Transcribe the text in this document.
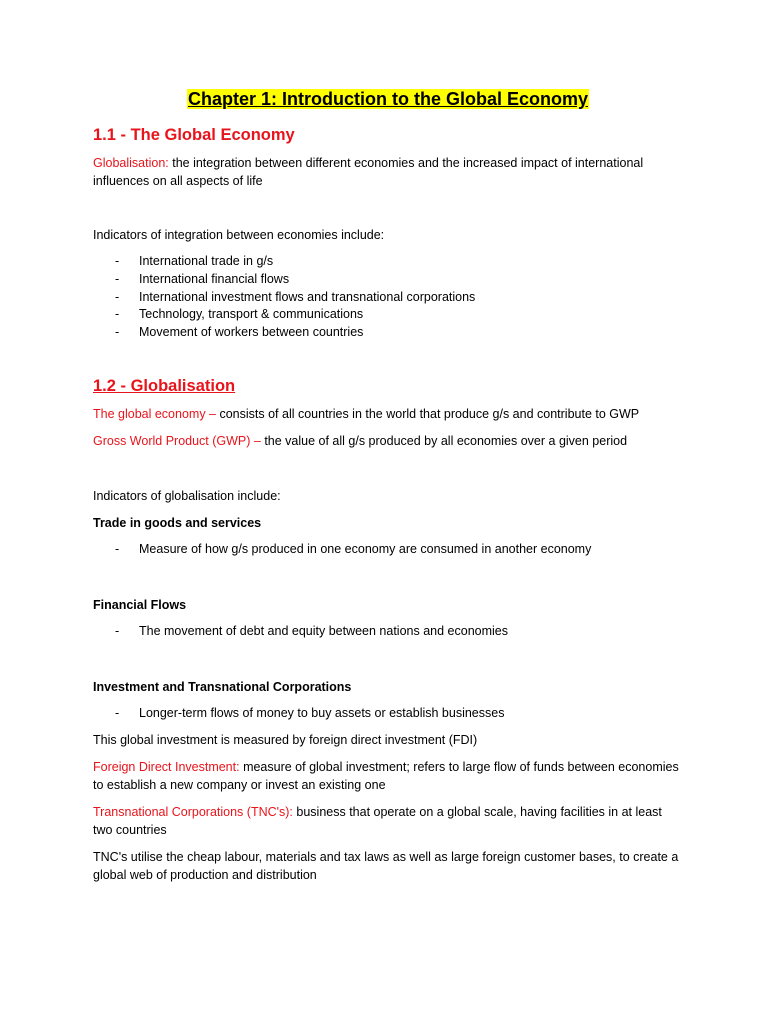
Chapter 1: Introduction to the Global Economy
1.1 - The Global Economy

Globalisation: the integration between different economies and the increased impact of international influences on all aspects of life

Indicators of integration between economies include:

- International trade in g/s
- International financial flows
- International investment flows and transnational corporations
- Technology, transport & communications
- Movement of workers between countries
1.2 - Globalisation

The global economy – consists of all countries in the world that produce g/s and contribute to GWP

Gross World Product (GWP) – the value of all g/s produced by all economies over a given period

Indicators of globalisation include:

Trade in goods and services

- Measure of how g/s produced in one economy are consumed in another economy

Financial Flows

- The movement of debt and equity between nations and economies

Investment and Transnational Corporations

- Longer-term flows of money to buy assets or establish businesses

This global investment is measured by foreign direct investment (FDI)

Foreign Direct Investment: measure of global investment; refers to large flow of funds between economies to establish a new company or invest an existing one

Transnational Corporations (TNC's): business that operate on a global scale, having facilities in at least two countries

TNC's utilise the cheap labour, materials and tax laws as well as large foreign customer bases, to create a global web of production and distribution
